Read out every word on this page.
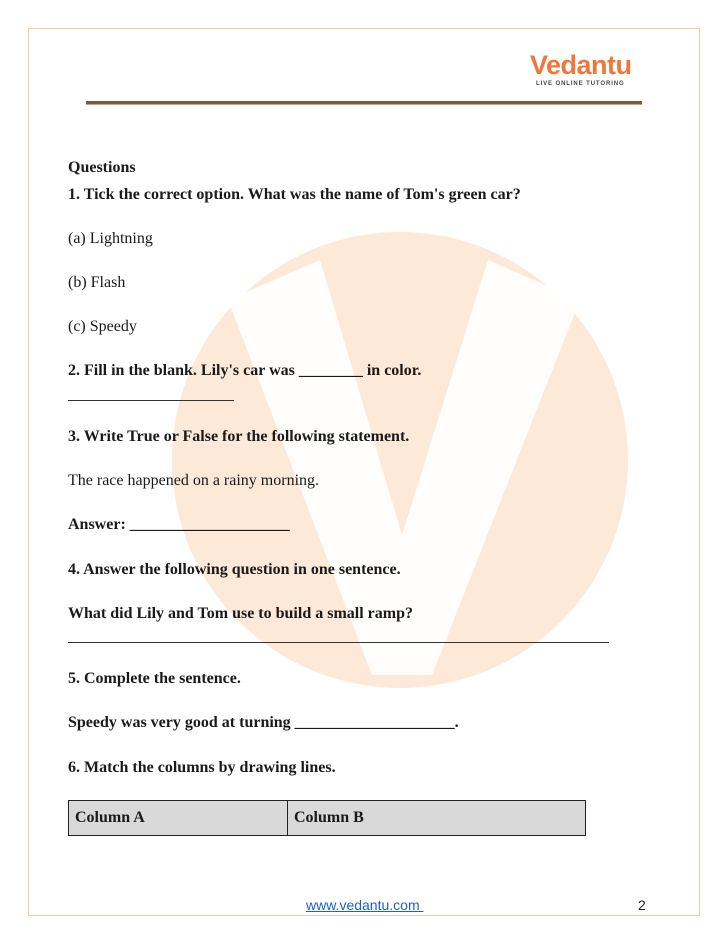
Vedantu
LIVE ONLINE TUTORING
Questions
1. Tick the correct option. What was the name of Tom's green car?
(a) Lightning
(b) Flash
(c) Speedy
2. Fill in the blank. Lily's car was ________ in color.
3. Write True or False for the following statement.
The race happened on a rainy morning.
Answer: ____________________
4. Answer the following question in one sentence.
What did Lily and Tom use to build a small ramp?
5. Complete the sentence.
Speedy was very good at turning ____________________.
6. Match the columns by drawing lines.
Column A	Column B
www.vedantu.com	2
